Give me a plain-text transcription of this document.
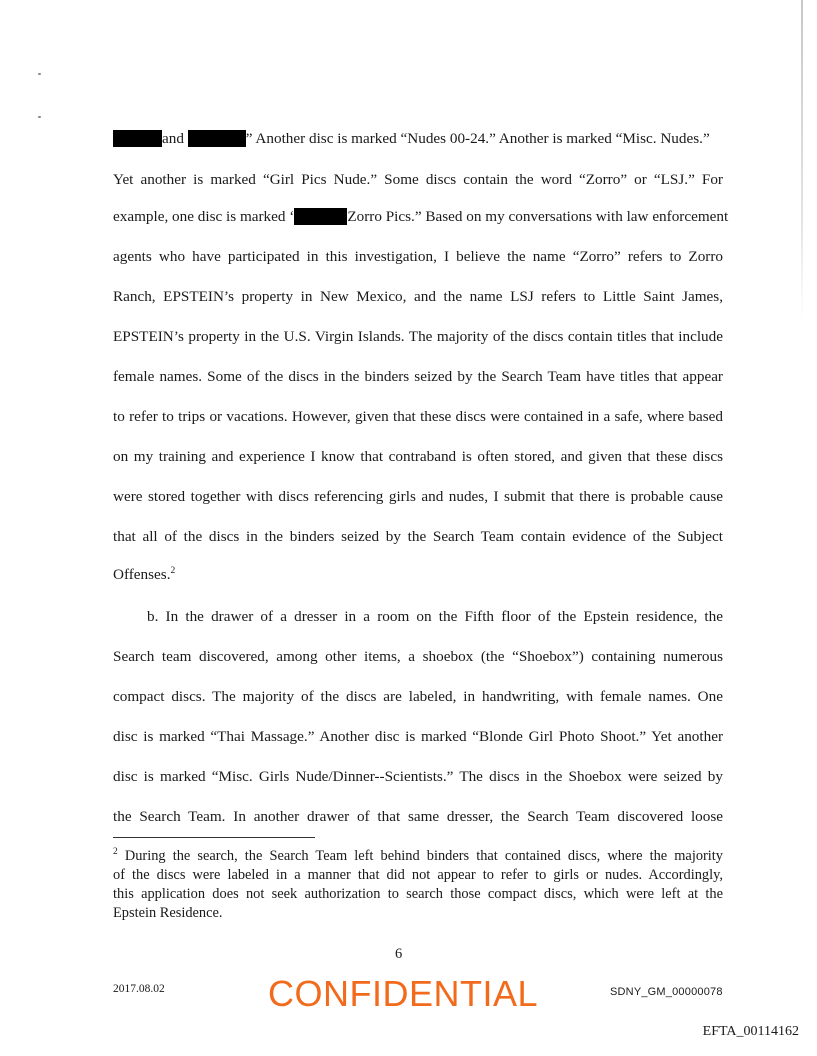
and	” Another disc is marked “Nudes 00-24.” Another is marked “Misc. Nudes.”
Yet another is marked “Girl Pics Nude.” Some discs contain the word “Zorro” or “LSJ.” For
example, one disc is marked ‘	Zorro Pics.” Based on my conversations with law enforcement
agents who have participated in this investigation, I believe the name “Zorro” refers to Zorro
Ranch, EPSTEIN’s property in New Mexico, and the name LSJ refers to Little Saint James,
EPSTEIN’s property in the U.S. Virgin Islands. The majority of the discs contain titles that include
female names. Some of the discs in the binders seized by the Search Team have titles that appear
to refer to trips or vacations. However, given that these discs were contained in a safe, where based
on my training and experience I know that contraband is often stored, and given that these discs
were stored together with discs referencing girls and nudes, I submit that there is probable cause
that all of the discs in the binders seized by the Search Team contain evidence of the Subject
Offenses.$^2$
b. In the drawer of a dresser in a room on the Fifth floor of the Epstein residence, the
Search team discovered, among other items, a shoebox (the “Shoebox”) containing numerous
compact discs. The majority of the discs are labeled, in handwriting, with female names. One
disc is marked “Thai Massage.” Another disc is marked “Blonde Girl Photo Shoot.” Yet another
disc is marked “Misc. Girls Nude/Dinner--Scientists.” The discs in the Shoebox were seized by
the Search Team. In another drawer of that same dresser, the Search Team discovered loose
$^2$ During the search, the Search Team left behind binders that contained discs, where the majority
of the discs were labeled in a manner that did not appear to refer to girls or nudes. Accordingly,
this application does not seek authorization to search those compact discs, which were left at the
Epstein Residence.
6
2017.08.02	CONFIDENTIAL	SDNY_GM_00000078
EFTA_00114162
